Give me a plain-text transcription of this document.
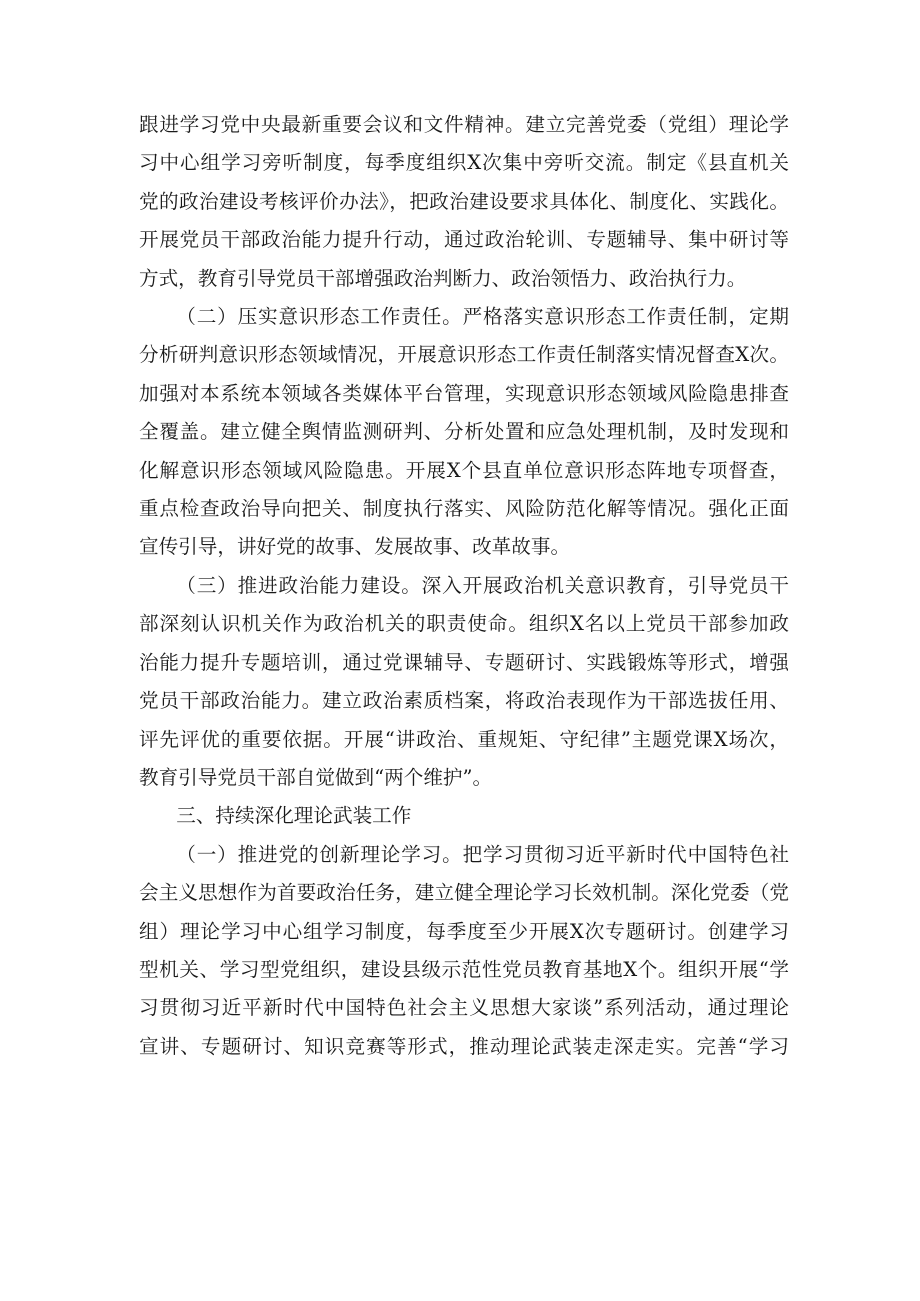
跟进学习党中央最新重要会议和文件精神。建立完善党委（党组）理论学
习中心组学习旁听制度，每季度组织X次集中旁听交流。制定《县直机关
党的政治建设考核评价办法》，把政治建设要求具体化、制度化、实践化。
开展党员干部政治能力提升行动，通过政治轮训、专题辅导、集中研讨等
方式，教育引导党员干部增强政治判断力、政治领悟力、政治执行力。

（二）压实意识形态工作责任。严格落实意识形态工作责任制，定期
分析研判意识形态领域情况，开展意识形态工作责任制落实情况督查X次。
加强对本系统本领域各类媒体平台管理，实现意识形态领域风险隐患排查
全覆盖。建立健全舆情监测研判、分析处置和应急处理机制，及时发现和
化解意识形态领域风险隐患。开展X个县直单位意识形态阵地专项督查，
重点检查政治导向把关、制度执行落实、风险防范化解等情况。强化正面
宣传引导，讲好党的故事、发展故事、改革故事。

（三）推进政治能力建设。深入开展政治机关意识教育，引导党员干
部深刻认识机关作为政治机关的职责使命。组织X名以上党员干部参加政
治能力提升专题培训，通过党课辅导、专题研讨、实践锻炼等形式，增强
党员干部政治能力。建立政治素质档案，将政治表现作为干部选拔任用、
评先评优的重要依据。开展“讲政治、重规矩、守纪律”主题党课X场次，
教育引导党员干部自觉做到“两个维护”。

三、持续深化理论武装工作

（一）推进党的创新理论学习。把学习贯彻习近平新时代中国特色社
会主义思想作为首要政治任务，建立健全理论学习长效机制。深化党委（党
组）理论学习中心组学习制度，每季度至少开展X次专题研讨。创建学习
型机关、学习型党组织，建设县级示范性党员教育基地X个。组织开展“学
习贯彻习近平新时代中国特色社会主义思想大家谈”系列活动，通过理论
宣讲、专题研讨、知识竞赛等形式，推动理论武装走深走实。完善“学习
